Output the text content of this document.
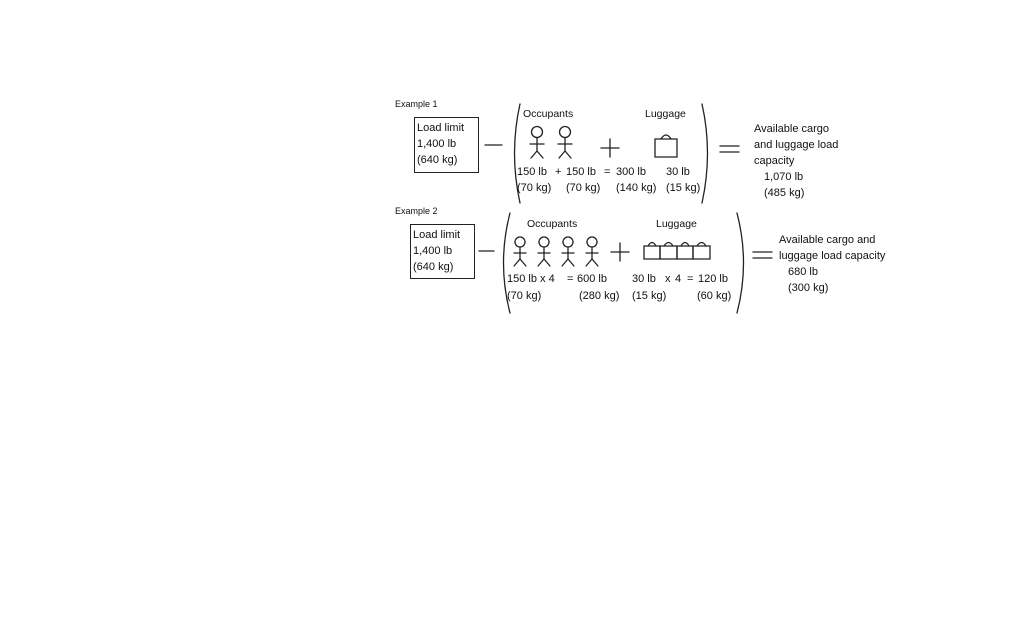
Example 1
Load limit
1,400 lb
(640 kg)
Occupants	Luggage
150 lb + 150 lb = 300 lb 30 lb
(70 kg) (70 kg) (140 kg) (15 kg)
Available cargo
and luggage load
capacity
1,070 lb
(485 kg)
Example 2
Load limit
1,400 lb
(640 kg)
Occupants	Luggage
150 lb x 4 = 600 lb 30 lb x 4 = 120 lb
(70 kg)	(280 kg) (15 kg)	(60 kg)
Available cargo and
luggage load capacity
680 lb
(300 kg)
